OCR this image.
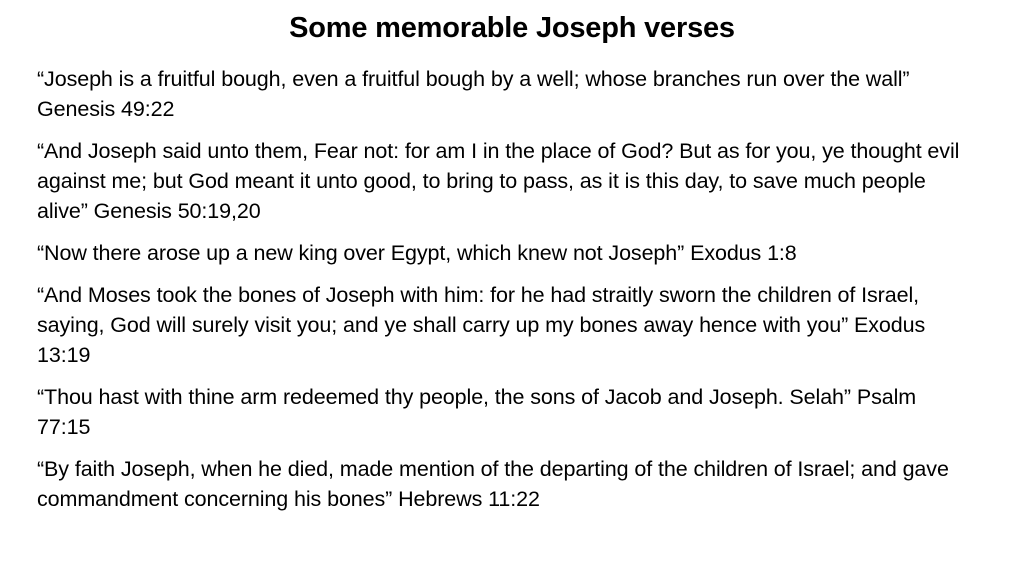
Some memorable Joseph verses

“Joseph is a fruitful bough, even a fruitful bough by a well; whose branches run over the wall” Genesis 49:22

“And Joseph said unto them, Fear not: for am I in the place of God? But as for you, ye thought evil against me; but God meant it unto good, to bring to pass, as it is this day, to save much people alive” Genesis 50:19,20

“Now there arose up a new king over Egypt, which knew not Joseph” Exodus 1:8

“And Moses took the bones of Joseph with him: for he had straitly sworn the children of Israel, saying, God will surely visit you; and ye shall carry up my bones away hence with you” Exodus 13:19

“Thou hast with thine arm redeemed thy people, the sons of Jacob and Joseph. Selah” Psalm 77:15

“By faith Joseph, when he died, made mention of the departing of the children of Israel; and gave commandment concerning his bones” Hebrews 11:22
